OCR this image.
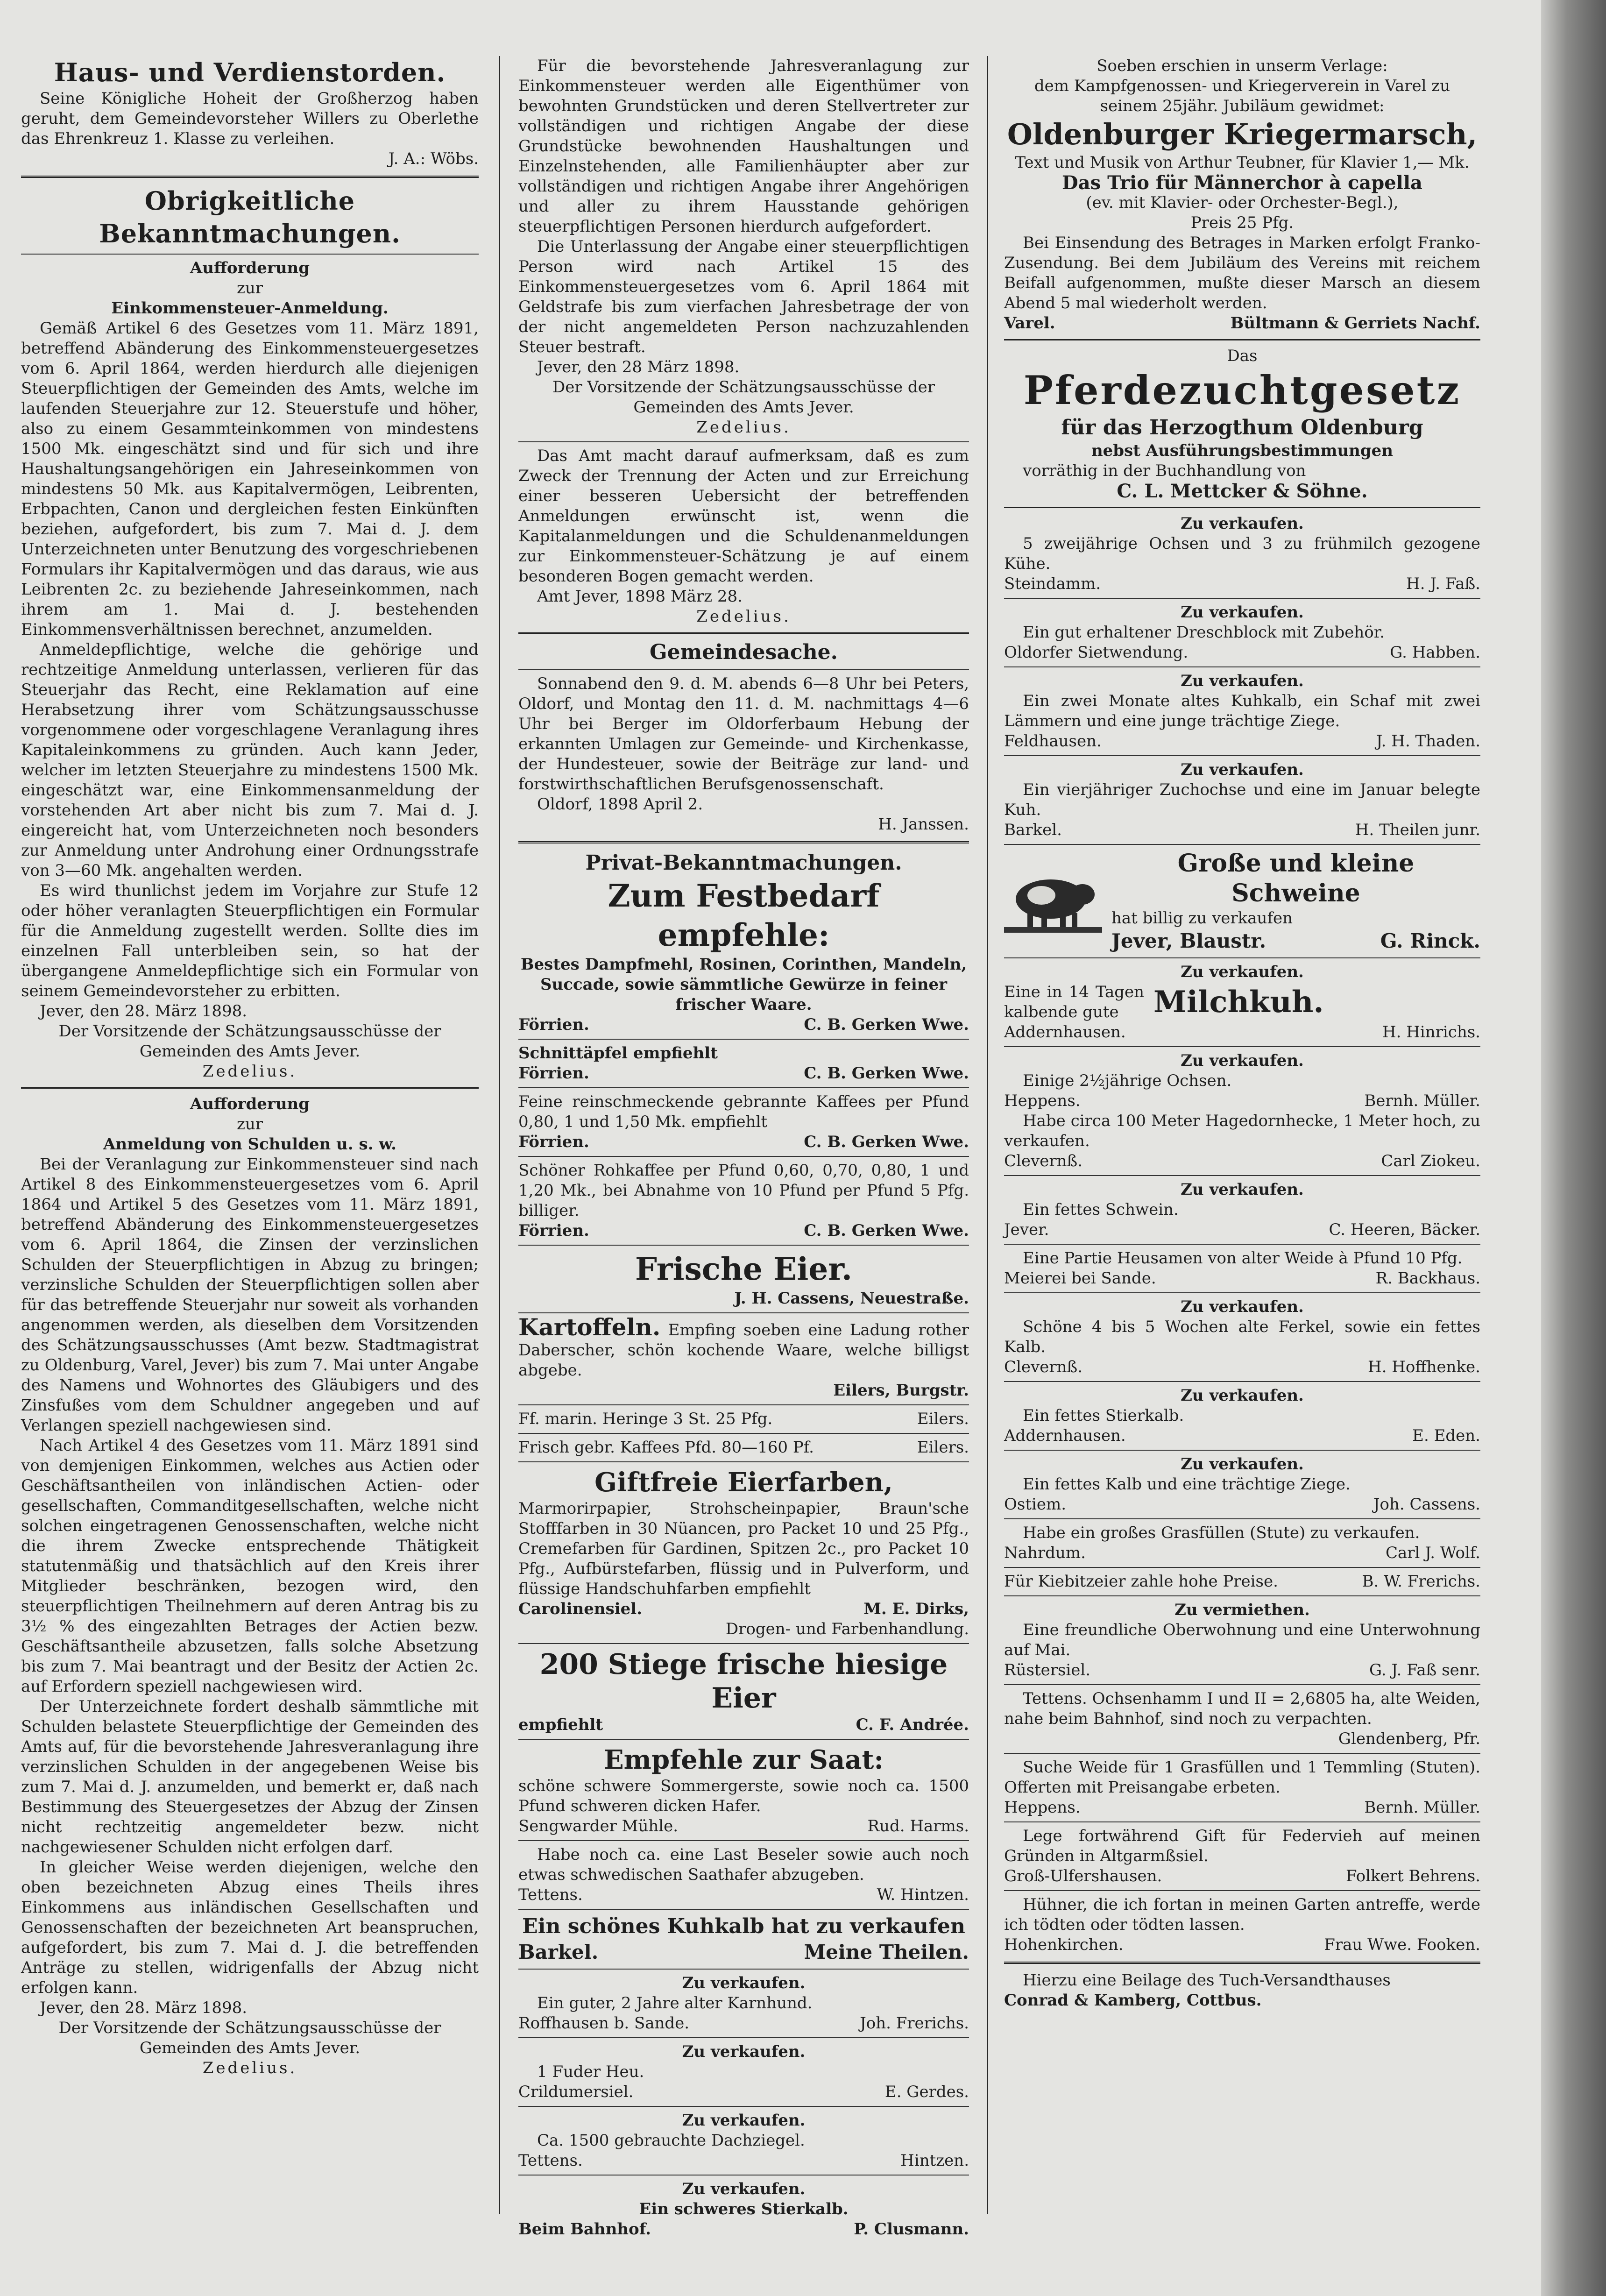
Haus- und Verdienstorden.

Seine Königliche Hoheit der Großherzog haben geruht, dem Gemeindevorsteher Willers zu Oberlethe das Ehrenkreuz 1. Klasse zu verleihen.

J. A.: Wöbs.

Obrigkeitliche Bekanntmachungen.

Aufforderung

zur

Einkommensteuer-Anmeldung.

Gemäß Artikel 6 des Gesetzes vom 11. März 1891, betreffend Abänderung des Einkommensteuergesetzes vom 6. April 1864, werden hierdurch alle diejenigen Steuerpflichtigen der Gemeinden des Amts, welche im laufenden Steuerjahre zur 12. Steuerstufe und höher, also zu einem Gesammteinkommen von mindestens 1500 Mk. eingeschätzt sind und für sich und ihre Haushaltungsangehörigen ein Jahreseinkommen von mindestens 50 Mk. aus Kapitalvermögen, Leibrenten, Erbpachten, Canon und dergleichen festen Einkünften beziehen, aufgefordert, bis zum 7. Mai d. J. dem Unterzeichneten unter Benutzung des vorgeschriebenen Formulars ihr Kapitalvermögen und das daraus, wie aus Leibrenten 2c. zu beziehende Jahreseinkommen, nach ihrem am 1. Mai d. J. bestehenden Einkommensverhältnissen berechnet, anzumelden.

Anmeldepflichtige, welche die gehörige und rechtzeitige Anmeldung unterlassen, verlieren für das Steuerjahr das Recht, eine Reklamation auf eine Herabsetzung ihrer vom Schätzungsausschusse vorgenommene oder vorgeschlagene Veranlagung ihres Kapitaleinkommens zu gründen. Auch kann Jeder, welcher im letzten Steuerjahre zu mindestens 1500 Mk. eingeschätzt war, eine Einkommensanmeldung der vorstehenden Art aber nicht bis zum 7. Mai d. J. eingereicht hat, vom Unterzeichneten noch besonders zur Anmeldung unter Androhung einer Ordnungsstrafe von 3—60 Mk. angehalten werden.

Es wird thunlichst jedem im Vorjahre zur Stufe 12 oder höher veranlagten Steuerpflichtigen ein Formular für die Anmeldung zugestellt werden. Sollte dies im einzelnen Fall unterbleiben sein, so hat der übergangene Anmeldepflichtige sich ein Formular von seinem Gemeindevorsteher zu erbitten.

Jever, den 28. März 1898.

Der Vorsitzende der Schätzungsausschüsse der Gemeinden des Amts Jever.

Zedelius.

Aufforderung

zur

Anmeldung von Schulden u. s. w.

Bei der Veranlagung zur Einkommensteuer sind nach Artikel 8 des Einkommensteuergesetzes vom 6. April 1864 und Artikel 5 des Gesetzes vom 11. März 1891, betreffend Abänderung des Einkommensteuergesetzes vom 6. April 1864, die Zinsen der verzinslichen Schulden der Steuerpflichtigen in Abzug zu bringen; verzinsliche Schulden der Steuerpflichtigen sollen aber für das betreffende Steuerjahr nur soweit als vorhanden angenommen werden, als dieselben dem Vorsitzenden des Schätzungsausschusses (Amt bezw. Stadtmagistrat zu Oldenburg, Varel, Jever) bis zum 7. Mai unter Angabe des Namens und Wohnortes des Gläubigers und des Zinsfußes vom dem Schuldner angegeben und auf Verlangen speziell nachgewiesen sind.

Nach Artikel 4 des Gesetzes vom 11. März 1891 sind von demjenigen Einkommen, welches aus Actien oder Geschäftsantheilen von inländischen Actien- oder gesellschaften, Commanditgesellschaften, welche nicht solchen eingetragenen Genossenschaften, welche nicht die ihrem Zwecke entsprechende Thätigkeit statutenmäßig und thatsächlich auf den Kreis ihrer Mitglieder beschränken, bezogen wird, den steuerpflichtigen Theilnehmern auf deren Antrag bis zu 3½ % des eingezahlten Betrages der Actien bezw. Geschäftsantheile abzusetzen, falls solche Absetzung bis zum 7. Mai beantragt und der Besitz der Actien 2c. auf Erfordern speziell nachgewiesen wird.

Der Unterzeichnete fordert deshalb sämmtliche mit Schulden belastete Steuerpflichtige der Gemeinden des Amts auf, für die bevorstehende Jahresveranlagung ihre verzinslichen Schulden in der angegebenen Weise bis zum 7. Mai d. J. anzumelden, und bemerkt er, daß nach Bestimmung des Steuergesetzes der Abzug der Zinsen nicht rechtzeitig angemeldeter bezw. nicht nachgewiesener Schulden nicht erfolgen darf.

In gleicher Weise werden diejenigen, welche den oben bezeichneten Abzug eines Theils ihres Einkommens aus inländischen Gesellschaften und Genossenschaften der bezeichneten Art beanspruchen, aufgefordert, bis zum 7. Mai d. J. die betreffenden Anträge zu stellen, widrigenfalls der Abzug nicht erfolgen kann.

Jever, den 28. März 1898.

Der Vorsitzende der Schätzungsausschüsse der Gemeinden des Amts Jever.

Zedelius.

Für die bevorstehende Jahresveranlagung zur Einkommensteuer werden alle Eigenthümer von bewohnten Grundstücken und deren Stellvertreter zur vollständigen und richtigen Angabe der diese Grundstücke bewohnenden Haushaltungen und Einzelnstehenden, alle Familienhäupter aber zur vollständigen und richtigen Angabe ihrer Angehörigen und aller zu ihrem Hausstande gehörigen steuerpflichtigen Personen hierdurch aufgefordert.

Die Unterlassung der Angabe einer steuerpflichtigen Person wird nach Artikel 15 des Einkommensteuergesetzes vom 6. April 1864 mit Geldstrafe bis zum vierfachen Jahresbetrage der von der nicht angemeldeten Person nachzuzahlenden Steuer bestraft.

Jever, den 28 März 1898.

Der Vorsitzende der Schätzungsausschüsse der Gemeinden des Amts Jever.

Zedelius.

Das Amt macht darauf aufmerksam, daß es zum Zweck der Trennung der Acten und zur Erreichung einer besseren Uebersicht der betreffenden Anmeldungen erwünscht ist, wenn die Kapitalanmeldungen und die Schuldenanmeldungen zur Einkommensteuer-Schätzung je auf einem besonderen Bogen gemacht werden.

Amt Jever, 1898 März 28.

Zedelius.

Gemeindesache.

Sonnabend den 9. d. M. abends 6—8 Uhr bei Peters, Oldorf, und Montag den 11. d. M. nachmittags 4—6 Uhr bei Berger im Oldorferbaum Hebung der erkannten Umlagen zur Gemeinde- und Kirchenkasse, der Hundesteuer, sowie der Beiträge zur land- und forstwirthschaftlichen Berufsgenossenschaft.

Oldorf, 1898 April 2.

H. Janssen.

Privat-Bekanntmachungen.
Zum Festbedarf empfehle:

Bestes Dampfmehl, Rosinen, Corinthen, Mandeln, Succade, sowie sämmtliche Gewürze in feiner frischer Waare.

Förrien.	C. B. Gerken Wwe.

Schnittäpfel empfiehlt

Förrien.	C. B. Gerken Wwe.

Feine reinschmeckende gebrannte Kaffees per Pfund 0,80, 1 und 1,50 Mk. empfiehlt

Förrien.	C. B. Gerken Wwe.

Schöner Rohkaffee per Pfund 0,60, 0,70, 0,80, 1 und 1,20 Mk., bei Abnahme von 10 Pfund per Pfund 5 Pfg. billiger.

Förrien.	C. B. Gerken Wwe.
Frische Eier.

J. H. Cassens, Neuestraße.

Kartoffeln. Empfing soeben eine Ladung rother Daberscher, schön kochende Waare, welche billigst abgebe.

Eilers, Burgstr.

Ff. marin. Heringe 3 St. 25 Pfg.	Eilers.
Frisch gebr. Kaffees Pfd. 80—160 Pf.	Eilers.
Giftfreie Eierfarben,

Marmorirpapier, Strohscheinpapier, Braun'sche Stofffarben in 30 Nüancen, pro Packet 10 und 25 Pfg., Cremefarben für Gardinen, Spitzen 2c., pro Packet 10 Pfg., Aufbürstefarben, flüssig und in Pulverform, und flüssige Handschuhfarben empfiehlt

Carolinensiel.	M. E. Dirks,

Drogen- und Farbenhandlung.

200 Stiege frische hiesige Eier
empfiehlt	C. F. Andrée.
Empfehle zur Saat:

schöne schwere Sommergerste, sowie noch ca. 1500 Pfund schweren dicken Hafer.

Sengwarder Mühle.	Rud. Harms.

Habe noch ca. eine Last Beseler sowie auch noch etwas schwedischen Saathafer abzugeben.

Tettens.	W. Hintzen.
Ein schönes Kuhkalb hat zu verkaufen
Barkel.	Meine Theilen.

Zu verkaufen.

Ein guter, 2 Jahre alter Karnhund.

Roffhausen b. Sande.	Joh. Frerichs.

Zu verkaufen.

1 Fuder Heu.

Crildumersiel.	E. Gerdes.

Zu verkaufen.

Ca. 1500 gebrauchte Dachziegel.

Tettens.	Hintzen.

Zu verkaufen.

Ein schweres Stierkalb.

Beim Bahnhof.	P. Clusmann.

Soeben erschien in unserm Verlage:

dem Kampfgenossen- und Kriegerverein in Varel zu seinem 25jähr. Jubiläum gewidmet:

Oldenburger Kriegermarsch,

Text und Musik von Arthur Teubner, für Klavier 1,— Mk.

Das Trio für Männerchor à capella

(ev. mit Klavier- oder Orchester-Begl.),

Preis 25 Pfg.

Bei Einsendung des Betrages in Marken erfolgt Franko-Zusendung. Bei dem Jubiläum des Vereins mit reichem Beifall aufgenommen, mußte dieser Marsch an diesem Abend 5 mal wiederholt werden.

Varel.	Bültmann & Gerriets Nachf.

Das

Pferdezuchtgesetz

für das Herzogthum Oldenburg

nebst Ausführungsbestimmungen

vorräthig in der Buchhandlung von

C. L. Mettcker & Söhne.

Zu verkaufen.

5 zweijährige Ochsen und 3 zu frühmilch gezogene Kühe.

Steindamm.	H. J. Faß.

Zu verkaufen.

Ein gut erhaltener Dreschblock mit Zubehör.

Oldorfer Sietwendung.	G. Habben.

Zu verkaufen.

Ein zwei Monate altes Kuhkalb, ein Schaf mit zwei Lämmern und eine junge trächtige Ziege.

Feldhausen.	J. H. Thaden.

Zu verkaufen.

Ein vierjähriger Zuchochse und eine im Januar belegte Kuh.

Barkel.	H. Theilen junr.
Große und kleine Schweine

hat billig zu verkaufen

Jever, Blaustr.	G. Rinck.

Zu verkaufen.

Eine in 14 Tagen kalbende gute	Milchkuh.
Addernhausen.	H. Hinrichs.

Zu verkaufen.

Einige 2½jährige Ochsen.

Heppens.	Bernh. Müller.

Habe circa 100 Meter Hagedornhecke, 1 Meter hoch, zu verkaufen.

Clevernß.	Carl Ziokeu.

Zu verkaufen.

Ein fettes Schwein.

Jever.	C. Heeren, Bäcker.

Eine Partie Heusamen von alter Weide à Pfund 10 Pfg.

Meierei bei Sande.	R. Backhaus.

Zu verkaufen.

Schöne 4 bis 5 Wochen alte Ferkel, sowie ein fettes Kalb.

Clevernß.	H. Hoffhenke.

Zu verkaufen.

Ein fettes Stierkalb.

Addernhausen.	E. Eden.

Zu verkaufen.

Ein fettes Kalb und eine trächtige Ziege.

Ostiem.	Joh. Cassens.

Habe ein großes Grasfüllen (Stute) zu verkaufen.

Nahrdum.	Carl J. Wolf.
Für Kiebitzeier zahle hohe Preise.	B. W. Frerichs.

Zu vermiethen.

Eine freundliche Oberwohnung und eine Unterwohnung auf Mai.

Rüstersiel.	G. J. Faß senr.

Tettens. Ochsenhamm I und II = 2,6805 ha, alte Weiden, nahe beim Bahnhof, sind noch zu verpachten.

Glendenberg, Pfr.

Suche Weide für 1 Grasfüllen und 1 Temmling (Stuten). Offerten mit Preisangabe erbeten.

Heppens.	Bernh. Müller.

Lege fortwährend Gift für Federvieh auf meinen Gründen in Altgarmßsiel.

Groß-Ulfershausen.	Folkert Behrens.

Hühner, die ich fortan in meinen Garten antreffe, werde ich tödten oder tödten lassen.

Hohenkirchen.	Frau Wwe. Fooken.

Hierzu eine Beilage des Tuch-Versandthauses

Conrad & Kamberg, Cottbus.
